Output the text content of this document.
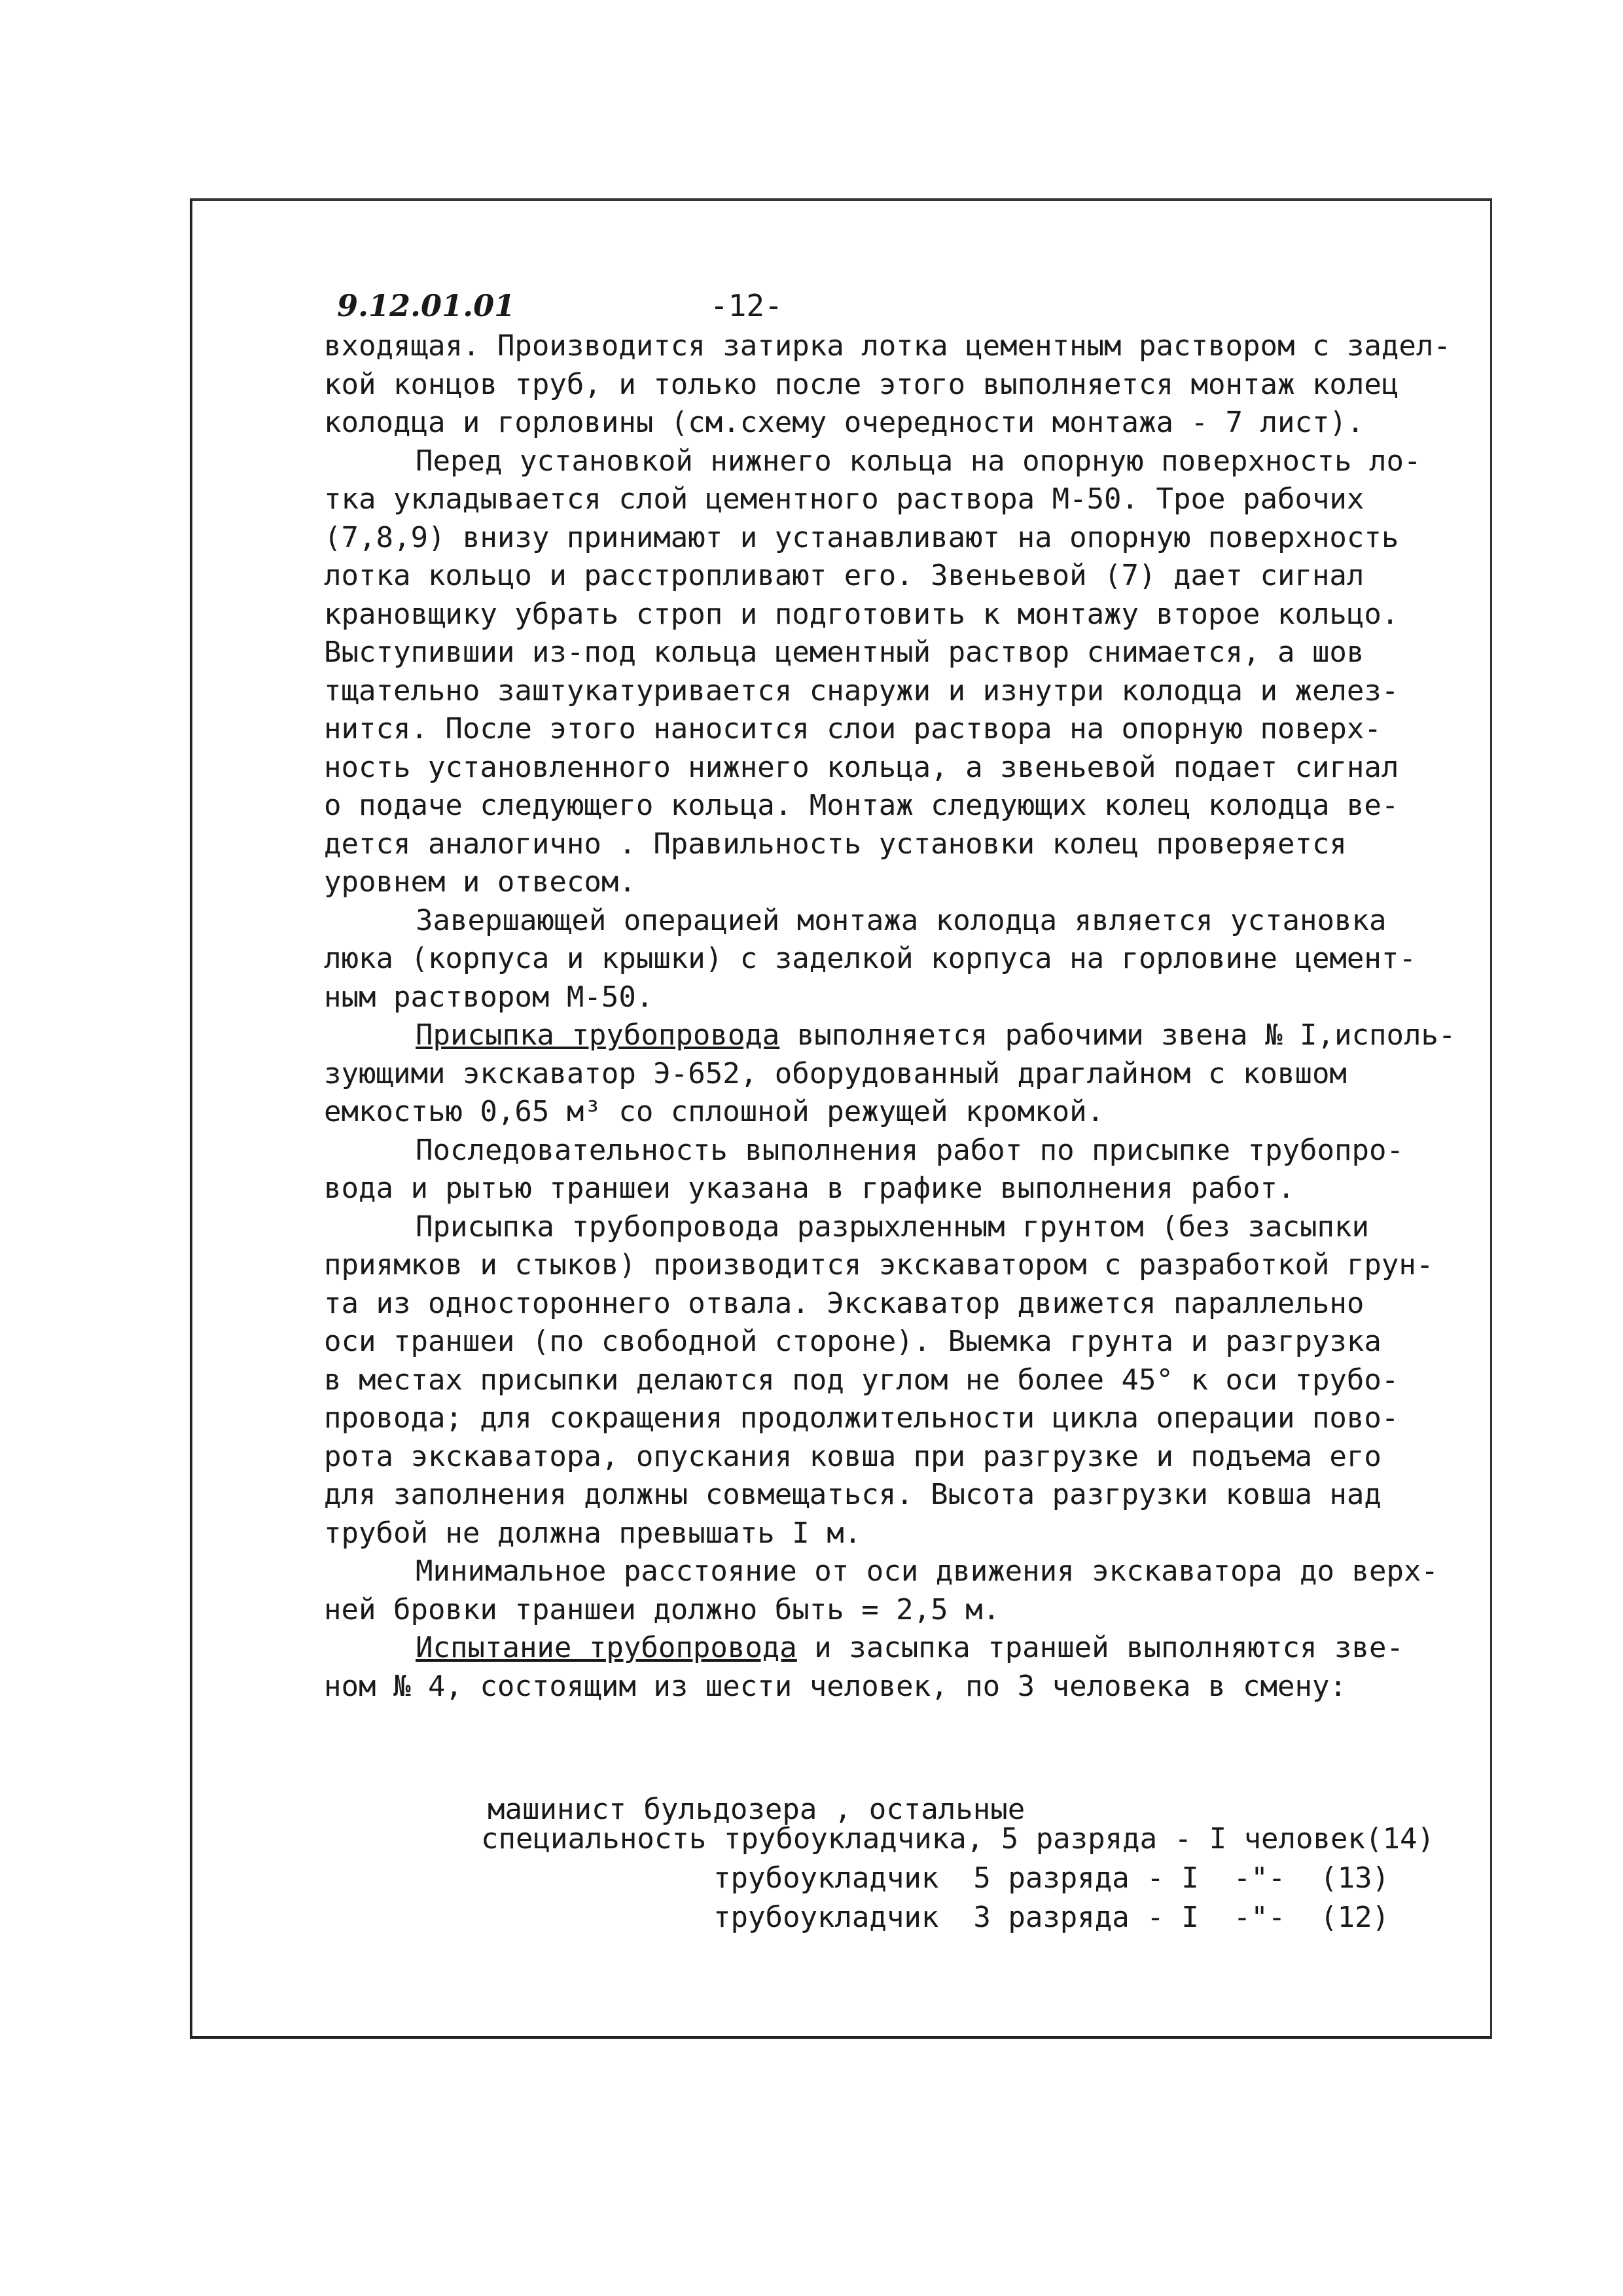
9.12.01.01	-12-

входящая. Производится затирка лотка цементным раствором с задел-

кой концов труб, и только после этого выполняется монтаж колец

колодца и горловины (см.схему очередности монтажа - 7 лист).

Перед установкой нижнего кольца на опорную поверхность ло-

тка укладывается слой цементного раствора М-50. Трое рабочих

(7,8,9) внизу принимают и устанавливают на опорную поверхность

лотка кольцо и расстропливают его. Звеньевой (7) дает сигнал

крановщику убрать строп и подготовить к монтажу второе кольцо.

Выступившии из-под кольца цементный раствор снимается, а шов

тщательно заштукатуривается снаружи и изнутри колодца и желез-

нится. После этого наносится слои раствора на опорную поверх-

ность установленного нижнего кольца, а звеньевой подает сигнал

о подаче следующего кольца. Монтаж следующих колец колодца ве-

дется аналогично . Правильность установки колец проверяется

уровнем и отвесом.

Завершающей операцией монтажа колодца является установка

люка (корпуса и крышки) с заделкой корпуса на горловине цемент-

ным раствором М-50.

Присыпка трубопровода выполняется рабочими звена № I,исполь-

зующими экскаватор Э-652, оборудованный драглайном с ковшом

емкостью 0,65 м³ со сплошной режущей кромкой.

Последовательность выполнения работ по присыпке трубопро-

вода и рытью траншеи указана в графике выполнения работ.

Присыпка трубопровода разрыхленным грунтом (без засыпки

приямков и стыков) производится экскаватором с разработкой грун-

та из одностороннего отвала. Экскаватор движется параллельно

оси траншеи (по свободной стороне). Выемка грунта и разгрузка

в местах присыпки делаются под углом не более 45° к оси трубо-

провода; для сокращения продолжительности цикла операции пово-

рота экскаватора, опускания ковша при разгрузке и подъема его

для заполнения должны совмещаться. Высота разгрузки ковша над

трубой не должна превышать I м.

Минимальное расстояние от оси движения экскаватора до верх-

ней бровки траншеи должно быть = 2,5 м.

Испытание трубопровода и засыпка траншей выполняются зве-

ном № 4, состоящим из шести человек, по 3 человека в смену:

машинист бульдозера , остальные
специальность трубоукладчика, 5 разряда - I человек(14)
трубоукладчик  5 разряда - I  -"-  (13)
трубоукладчик  3 разряда - I  -"-  (12)
